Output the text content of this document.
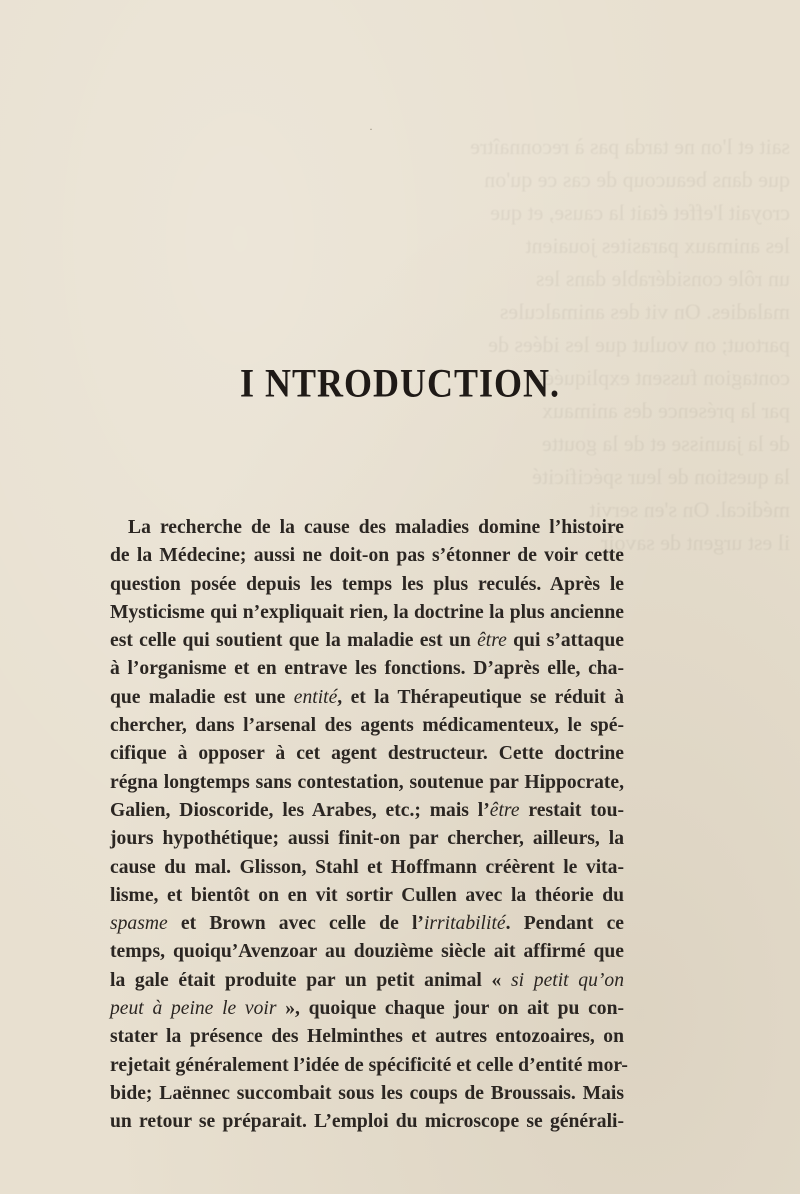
sait et l'on ne tarda pas à reconnaître
que dans beaucoup de cas ce qu'on
croyait l'effet était la cause, et que
les animaux parasites jouaient
un rôle considérable dans les
maladies. On vit des animalcules
partout; on voulut que les idées de
contagion fussent expliquées
par la présence des animaux
de la jaunisse et de la goutte
la question de leur spécificité
médical. On s'en servit
il est urgent de savoir
·
I NTRODUCTION.
La recherche de la cause des maladies domine l’histoire
de la Médecine; aussi ne doit-on pas s’étonner de voir cette
question posée depuis les temps les plus reculés. Après le
Mysticisme qui n’expliquait rien, la doctrine la plus ancienne
est celle qui soutient que la maladie est un être qui s’attaque
à l’organisme et en entrave les fonctions. D’après elle, cha-
que maladie est une entité, et la Thérapeutique se réduit à
chercher, dans l’arsenal des agents médicamenteux, le spé-
cifique à opposer à cet agent destructeur. Cette doctrine
régna longtemps sans contestation, soutenue par Hippocrate,
Galien, Dioscoride, les Arabes, etc.; mais l’être restait tou-
jours hypothétique; aussi finit-on par chercher, ailleurs, la
cause du mal. Glisson, Stahl et Hoffmann créèrent le vita-
lisme, et bientôt on en vit sortir Cullen avec la théorie du
spasme et Brown avec celle de l’irritabilité. Pendant ce
temps, quoiqu’Avenzoar au douzième siècle ait affirmé que
la gale était produite par un petit animal « si petit qu’on
peut à peine le voir », quoique chaque jour on ait pu con-
stater la présence des Helminthes et autres entozoaires, on
rejetait généralement l’idée de spécificité et celle d’entité mor-
bide; Laënnec succombait sous les coups de Broussais. Mais
un retour se préparait. L’emploi du microscope se générali-
